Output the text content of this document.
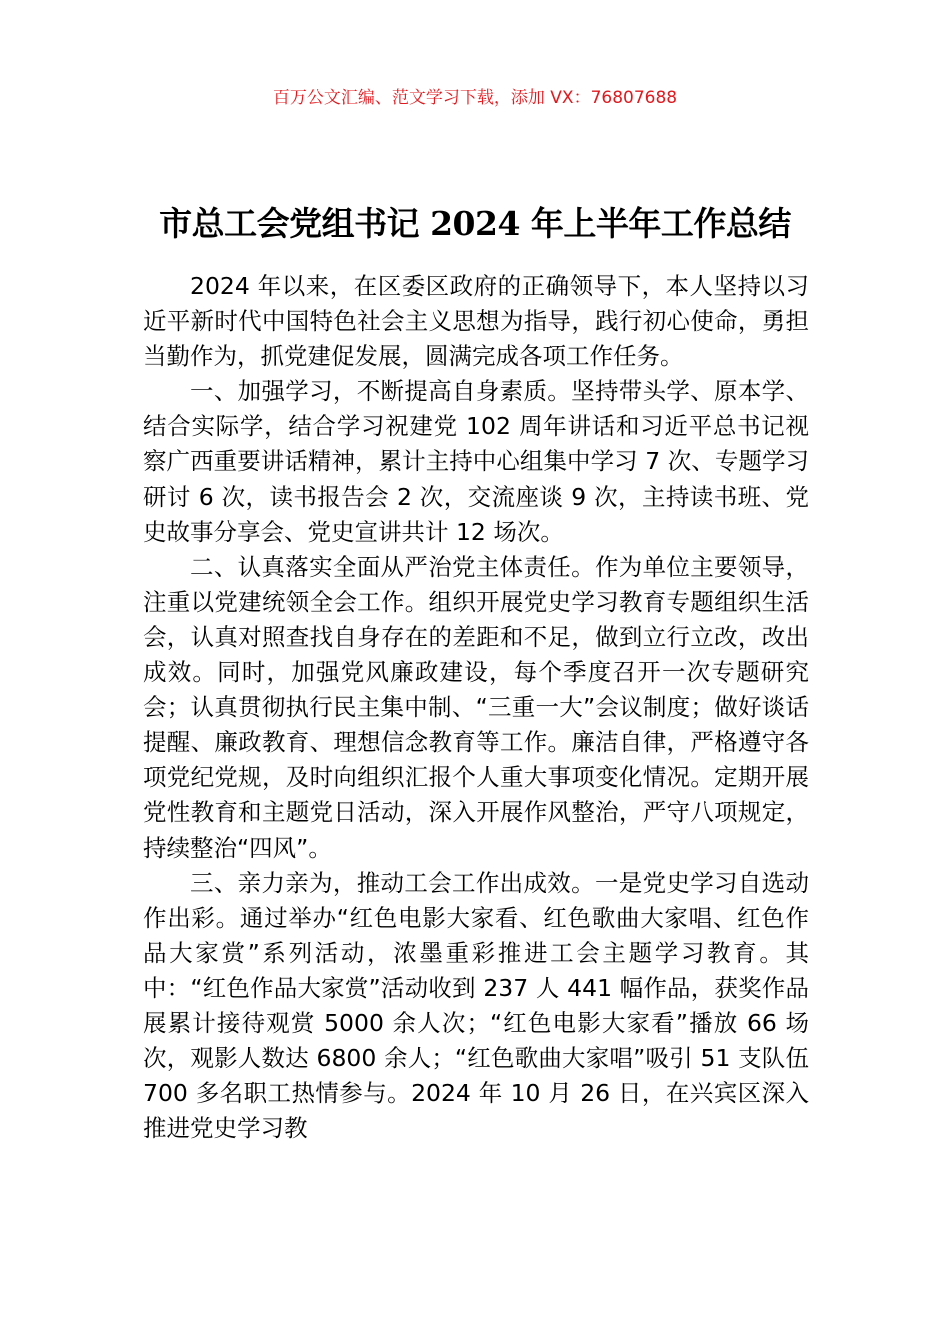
百万公文汇编、范文学习下载，添加 VX：76807688
市总工会党组书记 2024 年上半年工作总结

2024 年以来，在区委区政府的正确领导下，本人坚持以习近平新时代中国特色社会主义思想为指导，践行初心使命，勇担当勤作为，抓党建促发展，圆满完成各项工作任务。

一、加强学习，不断提高自身素质。坚持带头学、原本学、结合实际学，结合学习祝建党 102 周年讲话和习近平总书记视察广西重要讲话精神，累计主持中心组集中学习 7 次、专题学习研讨 6 次，读书报告会 2 次，交流座谈 9 次，主持读书班、党史故事分享会、党史宣讲共计 12 场次。

二、认真落实全面从严治党主体责任。作为单位主要领导，注重以党建统领全会工作。组织开展党史学习教育专题组织生活会，认真对照查找自身存在的差距和不足，做到立行立改，改出成效。同时，加强党风廉政建设，每个季度召开一次专题研究会；认真贯彻执行民主集中制、“三重一大”会议制度；做好谈话提醒、廉政教育、理想信念教育等工作。廉洁自律，严格遵守各项党纪党规，及时向组织汇报个人重大事项变化情况。定期开展党性教育和主题党日活动，深入开展作风整治，严守八项规定，持续整治“四风”。

三、亲力亲为，推动工会工作出成效。一是党史学习自选动作出彩。通过举办“红色电影大家看、红色歌曲大家唱、红色作品大家赏”系列活动，浓墨重彩推进工会主题学习教育。其中：“红色作品大家赏”活动收到 237 人 441 幅作品，获奖作品展累计接待观赏 5000 余人次；“红色电影大家看”播放 66 场次，观影人数达 6800 余人；“红色歌曲大家唱”吸引 51 支队伍 700 多名职工热情参与。2024 年 10 月 26 日，在兴宾区深入推进党史学习教
